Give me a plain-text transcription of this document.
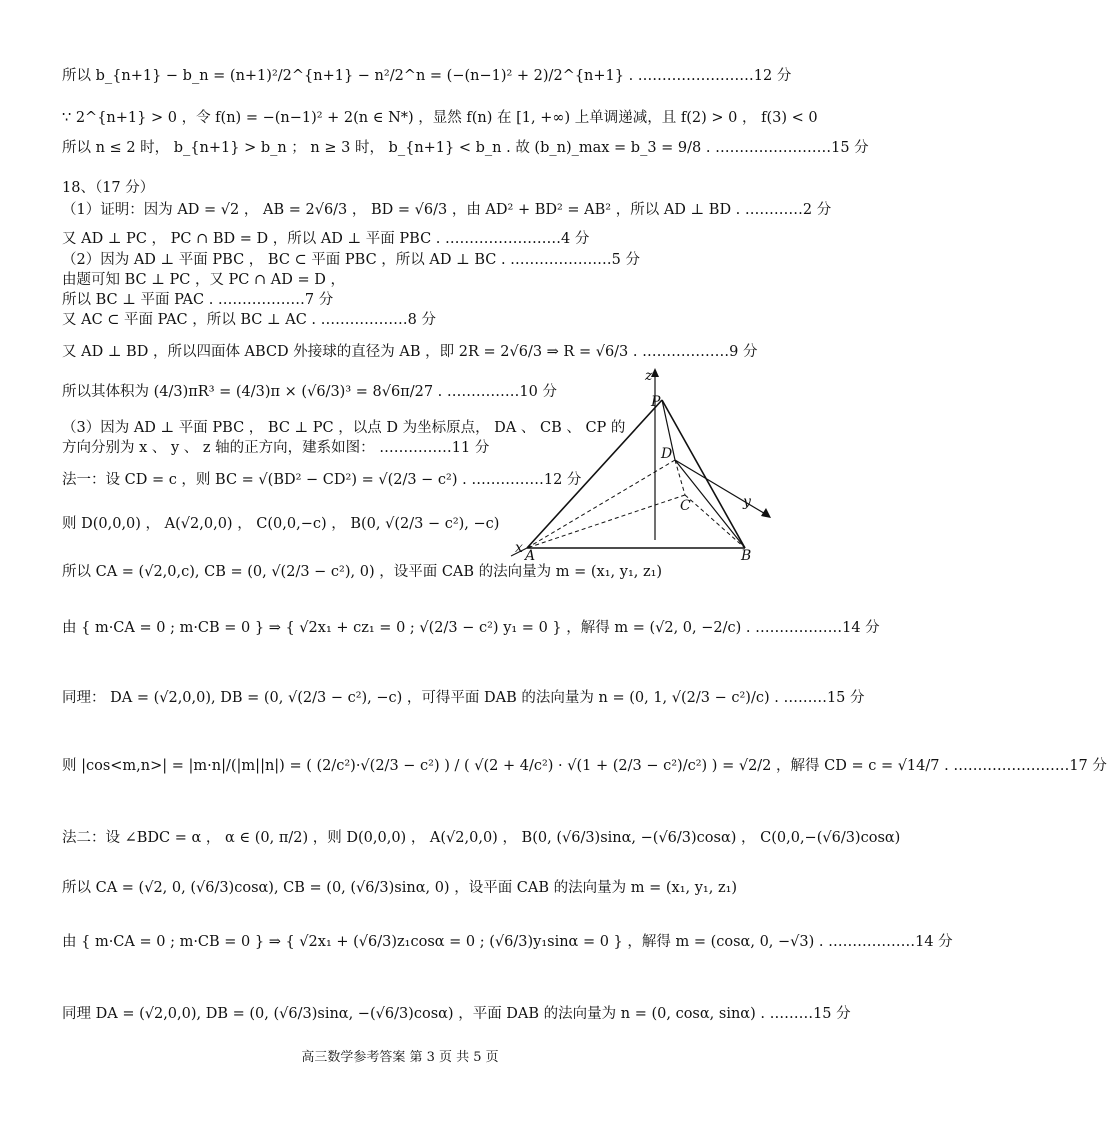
所以 b_{n+1} − b_n = (n+1)²/2^{n+1} − n²/2^n = (−(n−1)² + 2)/2^{n+1} . ……………………12 分
∵ 2^{n+1} > 0 ，令 f(n) = −(n−1)² + 2(n ∈ N*) ，显然 f(n) 在 [1, +∞) 上单调递减，且 f(2) > 0 ， f(3) < 0
所以 n ≤ 2 时， b_{n+1} > b_n ； n ≥ 3 时， b_{n+1} < b_n . 故 (b_n)_max = b_3 = 9/8 . ……………………15 分
18、（17 分）
（1）证明：因为 AD = √2 ， AB = 2√6/3 ， BD = √6/3 ，由 AD² + BD² = AB² ，所以 AD ⊥ BD . …………2 分
又 AD ⊥ PC ， PC ∩ BD = D ，所以 AD ⊥ 平面 PBC . ……………………4 分
（2）因为 AD ⊥ 平面 PBC ， BC ⊂ 平面 PBC ，所以 AD ⊥ BC . …………………5 分
由题可知 BC ⊥ PC ，又 PC ∩ AD = D ，
所以 BC ⊥ 平面 PAC . ………………7 分
又 AC ⊂ 平面 PAC ，所以 BC ⊥ AC . ………………8 分
又 AD ⊥ BD ，所以四面体 ABCD 外接球的直径为 AB ，即 2R = 2√6/3 ⇒ R = √6/3 . ………………9 分
所以其体积为 (4/3)πR³ = (4/3)π × (√6/3)³ = 8√6π/27 . ……………10 分
（3）因为 AD ⊥ 平面 PBC ， BC ⊥ PC ，以点 D 为坐标原点， DA 、 CB 、 CP 的
方向分别为 x 、 y 、 z 轴的正方向，建系如图： ……………11 分
法一：设 CD = c ，则 BC = √(BD² − CD²) = √(2/3 − c²) . ……………12 分
则 D(0,0,0) ， A(√2,0,0) ， C(0,0,−c) ， B(0, √(2/3 − c²), −c)
所以 CA = (√2,0,c), CB = (0, √(2/3 − c²), 0) ，设平面 CAB 的法向量为 m = (x₁, y₁, z₁)
由 { m·CA = 0 ; m·CB = 0 } ⇒ { √2x₁ + cz₁ = 0 ; √(2/3 − c²) y₁ = 0 } ，解得 m = (√2, 0, −2/c) . ………………14 分
同理： DA = (√2,0,0), DB = (0, √(2/3 − c²), −c) ，可得平面 DAB 的法向量为 n = (0, 1, √(2/3 − c²)/c) . ………15 分
则 |cos<m,n>| = |m·n|/(|m||n|) = ( (2/c²)·√(2/3 − c²) ) / ( √(2 + 4/c²) · √(1 + (2/3 − c²)/c²) ) = √2/2 ，解得 CD = c = √14/7 . ……………………17 分
法二：设 ∠BDC = α ， α ∈ (0, π/2) ，则 D(0,0,0) ， A(√2,0,0) ， B(0, (√6/3)sinα, −(√6/3)cosα) ， C(0,0,−(√6/3)cosα)
所以 CA = (√2, 0, (√6/3)cosα), CB = (0, (√6/3)sinα, 0) ，设平面 CAB 的法向量为 m = (x₁, y₁, z₁)
由 { m·CA = 0 ; m·CB = 0 } ⇒ { √2x₁ + (√6/3)z₁cosα = 0 ; (√6/3)y₁sinα = 0 } ，解得 m = (cosα, 0, −√3) . ………………14 分
同理 DA = (√2,0,0), DB = (0, (√6/3)sinα, −(√6/3)cosα) ，平面 DAB 的法向量为 n = (0, cosα, sinα) . ………15 分
z
P
D
C	y
x A	B
高三数学参考答案 第 3 页 共 5 页
